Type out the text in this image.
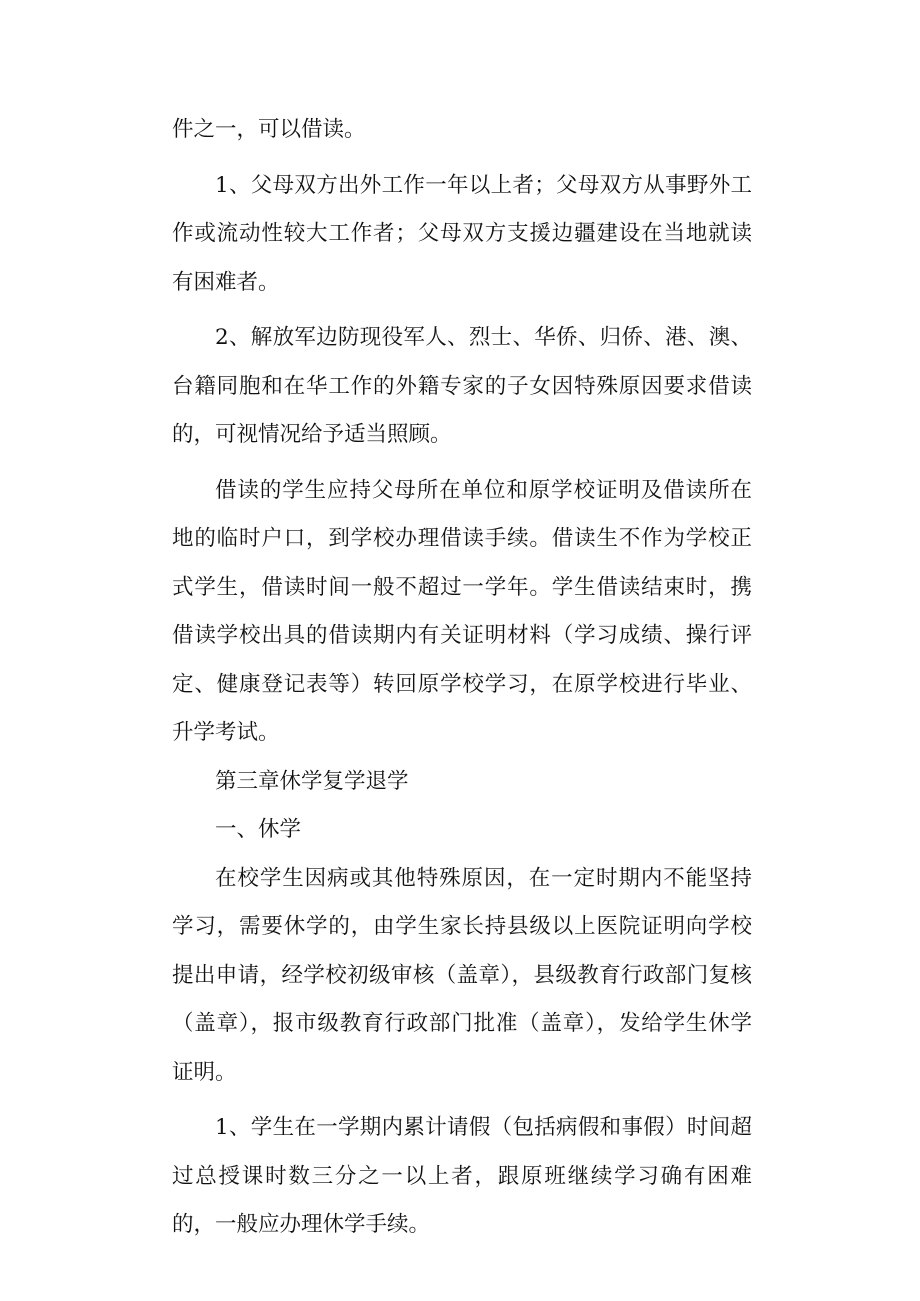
件之一，可以借读。

1、父母双方出外工作一年以上者；父母双方从事野外工作或流动性较大工作者；父母双方支援边疆建设在当地就读有困难者。

2、解放军边防现役军人、烈士、华侨、归侨、港、澳、台籍同胞和在华工作的外籍专家的子女因特殊原因要求借读的，可视情况给予适当照顾。

借读的学生应持父母所在单位和原学校证明及借读所在地的临时户口，到学校办理借读手续。借读生不作为学校正式学生，借读时间一般不超过一学年。学生借读结束时，携借读学校出具的借读期内有关证明材料（学习成绩、操行评定、健康登记表等）转回原学校学习，在原学校进行毕业、升学考试。

第三章休学复学退学

一、休学

在校学生因病或其他特殊原因，在一定时期内不能坚持学习，需要休学的，由学生家长持县级以上医院证明向学校提出申请，经学校初级审核（盖章），县级教育行政部门复核（盖章），报市级教育行政部门批准（盖章），发给学生休学证明。

1、学生在一学期内累计请假（包括病假和事假）时间超过总授课时数三分之一以上者，跟原班继续学习确有困难的，一般应办理休学手续。
